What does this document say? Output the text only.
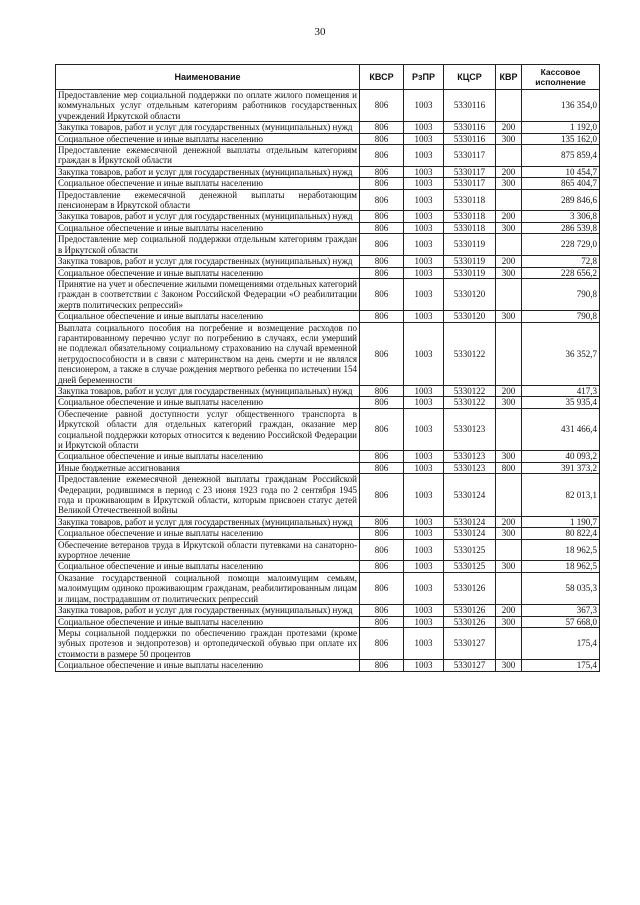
30
Наименование	КВСР	РзПР	КЦСР	КВР	Кассовое
исполнение

Предоставление мер социальной поддержки по оплате жилого помещения и коммунальных услуг отдельным категориям работников государственных учреждений Иркутской области	806	1003	5330116		136 354,0
Закупка товаров, работ и услуг для государственных (муниципальных) нужд	806	1003	5330116	200	1 192,0
Социальное обеспечение и иные выплаты населению	806	1003	5330116	300	135 162,0
Предоставление ежемесячной денежной выплаты отдельным категориям граждан в Иркутской области	806	1003	5330117		875 859,4
Закупка товаров, работ и услуг для государственных (муниципальных) нужд	806	1003	5330117	200	10 454,7
Социальное обеспечение и иные выплаты населению	806	1003	5330117	300	865 404,7
Предоставление ежемесячной денежной выплаты неработающим пенсионерам в Иркутской области	806	1003	5330118		289 846,6
Закупка товаров, работ и услуг для государственных (муниципальных) нужд	806	1003	5330118	200	3 306,8
Социальное обеспечение и иные выплаты населению	806	1003	5330118	300	286 539,8
Предоставление мер социальной поддержки отдельным категориям граждан в Иркутской области	806	1003	5330119		228 729,0
Закупка товаров, работ и услуг для государственных (муниципальных) нужд	806	1003	5330119	200	72,8
Социальное обеспечение и иные выплаты населению	806	1003	5330119	300	228 656,2
Принятие на учет и обеспечение жилыми помещениями отдельных категорий граждан в соответствии с Законом Российской Федерации «О реабилитации жертв политических репрессий»	806	1003	5330120		790,8
Социальное обеспечение и иные выплаты населению	806	1003	5330120	300	790,8
Выплата социального пособия на погребение и возмещение расходов по гарантированному перечню услуг по погребению в случаях, если умерший не подлежал обязательному социальному страхованию на случай временной нетрудоспособности и в связи с материнством на день смерти и не являлся пенсионером, а также в случае рождения мертвого ребенка по истечении 154 дней беременности	806	1003	5330122		36 352,7
Закупка товаров, работ и услуг для государственных (муниципальных) нужд	806	1003	5330122	200	417,3
Социальное обеспечение и иные выплаты населению	806	1003	5330122	300	35 935,4
Обеспечение равной доступности услуг общественного транспорта в Иркутской области для отдельных категорий граждан, оказание мер социальной поддержки которых относится к ведению Российской Федерации и Иркутской области	806	1003	5330123		431 466,4
Социальное обеспечение и иные выплаты населению	806	1003	5330123	300	40 093,2
Иные бюджетные ассигнования	806	1003	5330123	800	391 373,2
Предоставление ежемесячной денежной выплаты гражданам Российской Федерации, родившимся в период с 23 июня 1923 года по 2 сентября 1945 года и проживающим в Иркутской области, которым присвоен статус детей Великой Отечественной войны	806	1003	5330124		82 013,1
Закупка товаров, работ и услуг для государственных (муниципальных) нужд	806	1003	5330124	200	1 190,7
Социальное обеспечение и иные выплаты населению	806	1003	5330124	300	80 822,4
Обеспечение ветеранов труда в Иркутской области путевками на санаторно-курортное лечение	806	1003	5330125		18 962,5
Социальное обеспечение и иные выплаты населению	806	1003	5330125	300	18 962,5
Оказание государственной социальной помощи малоимущим семьям, малоимущим одиноко проживающим гражданам, реабилитированным лицам и лицам, пострадавшим от политических репрессий	806	1003	5330126		58 035,3
Закупка товаров, работ и услуг для государственных (муниципальных) нужд	806	1003	5330126	200	367,3
Социальное обеспечение и иные выплаты населению	806	1003	5330126	300	57 668,0
Меры социальной поддержки по обеспечению граждан протезами (кроме зубных протезов и эндопротезов) и ортопедической обувью при оплате их стоимости в размере 50 процентов	806	1003	5330127		175,4
Социальное обеспечение и иные выплаты населению	806	1003	5330127	300	175,4
